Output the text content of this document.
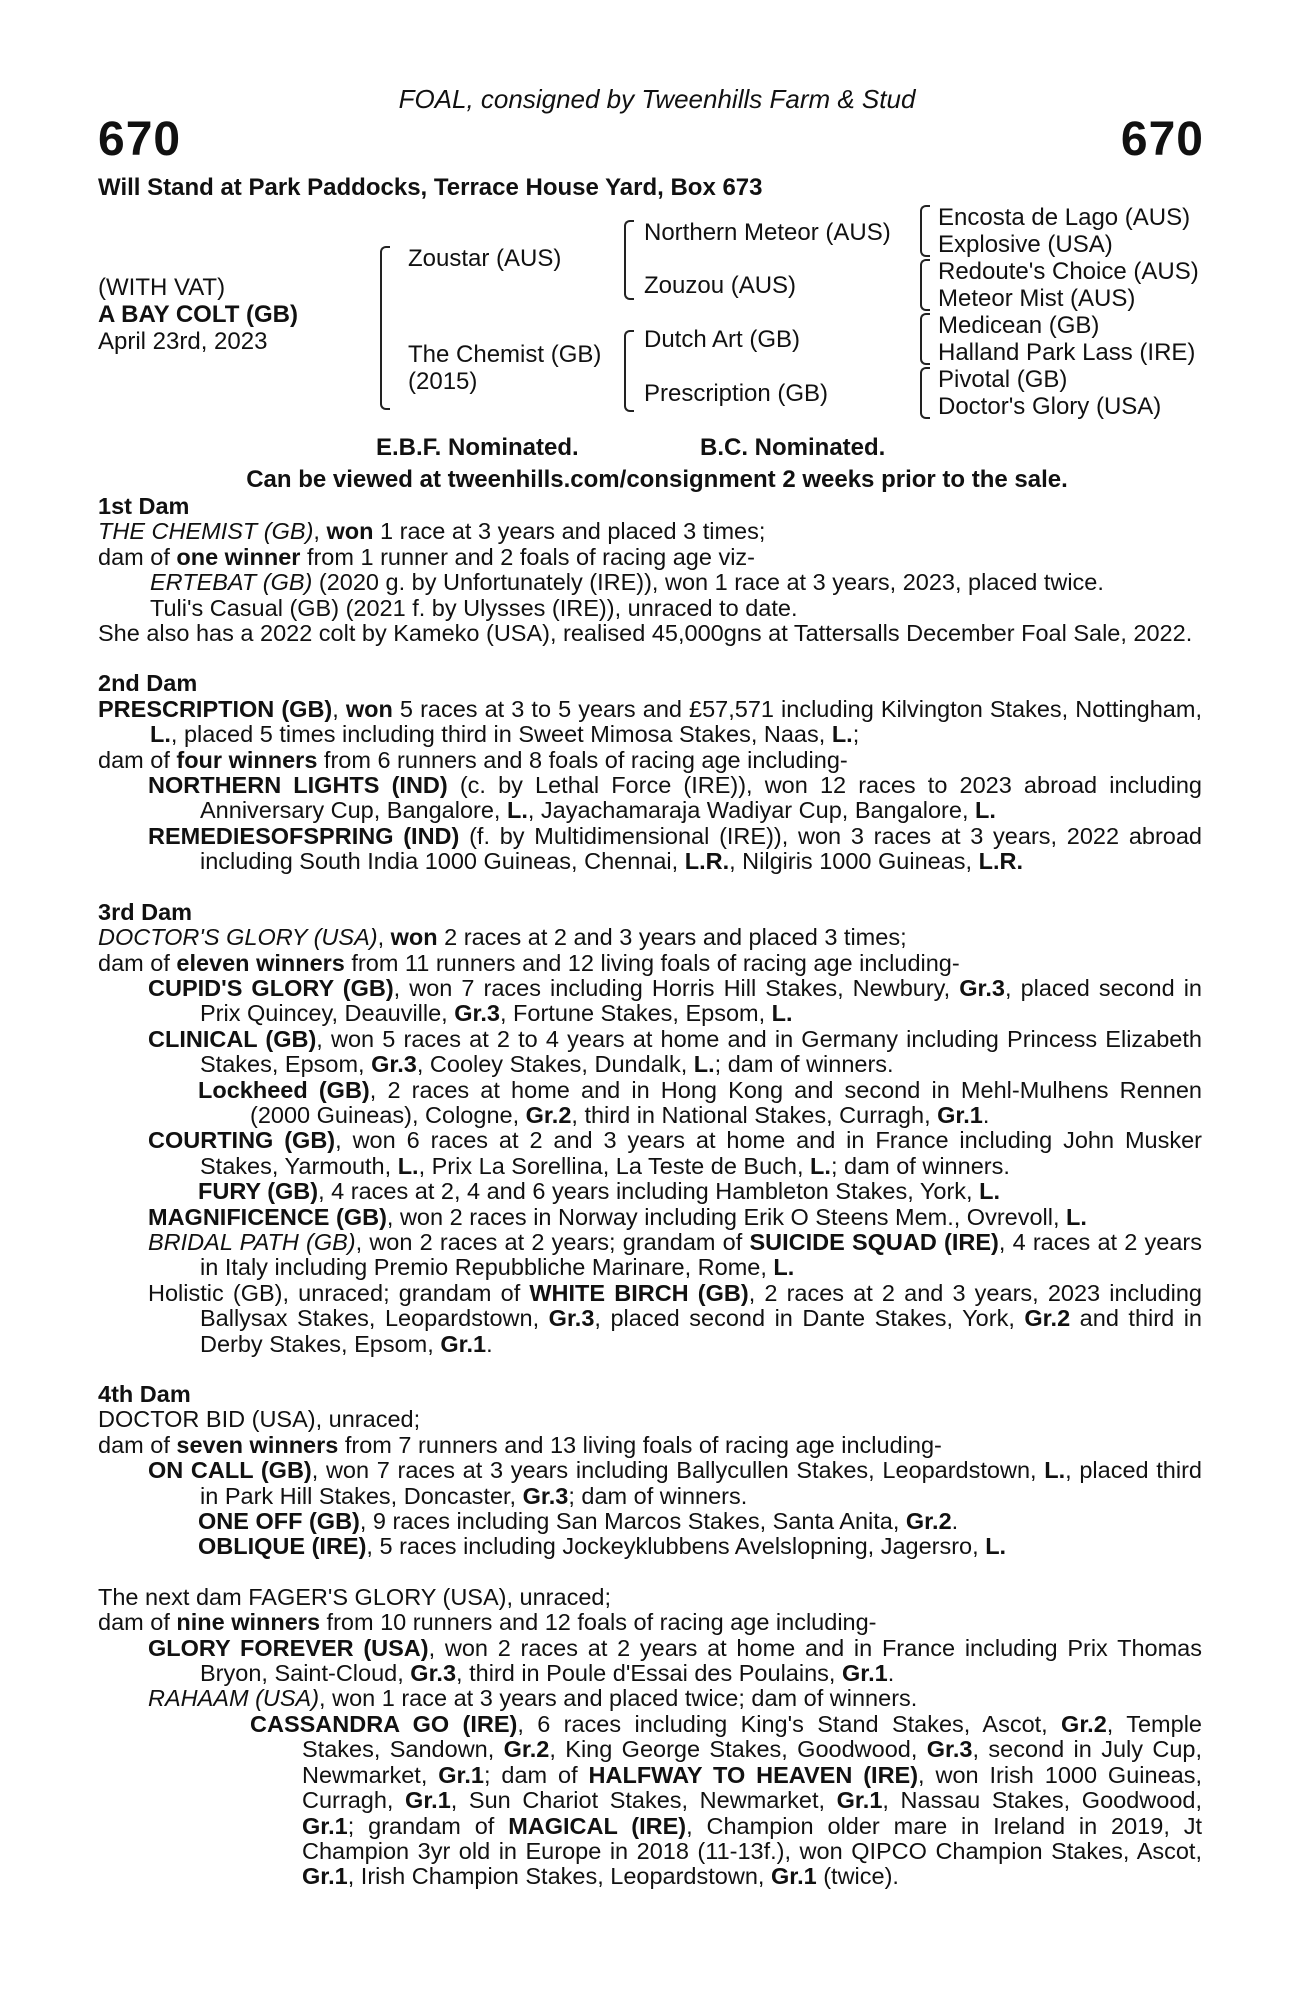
FOAL, consigned by Tweenhills Farm & Stud
670	670
Will Stand at Park Paddocks, Terrace House Yard, Box 673
(WITH VAT)
A BAY COLT (GB)
April 23rd, 2023
Zoustar (AUS)
The Chemist (GB)
(2015)
Northern Meteor (AUS)
Zouzou (AUS)
Dutch Art (GB)
Prescription (GB)
Encosta de Lago (AUS)
Explosive (USA)
Redoute's Choice (AUS)
Meteor Mist (AUS)
Medicean (GB)
Halland Park Lass (IRE)
Pivotal (GB)
Doctor's Glory (USA)
E.B.F. Nominated.	B.C. Nominated.
Can be viewed at tweenhills.com/consignment 2 weeks prior to the sale.

1st Dam

THE CHEMIST (GB), won 1 race at 3 years and placed 3 times;

dam of one winner from 1 runner and 2 foals of racing age viz-

ERTEBAT (GB) (2020 g. by Unfortunately (IRE)), won 1 race at 3 years, 2023, placed twice.

Tuli's Casual (GB) (2021 f. by Ulysses (IRE)), unraced to date.

She also has a 2022 colt by Kameko (USA), realised 45,000gns at Tattersalls December Foal Sale, 2022.

2nd Dam

PRESCRIPTION (GB), won 5 races at 3 to 5 years and £57,571 including Kilvington Stakes, Nottingham, L., placed 5 times including third in Sweet Mimosa Stakes, Naas, L.;

dam of four winners from 6 runners and 8 foals of racing age including-

NORTHERN LIGHTS (IND) (c. by Lethal Force (IRE)), won 12 races to 2023 abroad including Anniversary Cup, Bangalore, L., Jayachamaraja Wadiyar Cup, Bangalore, L.

REMEDIESOFSPRING (IND) (f. by Multidimensional (IRE)), won 3 races at 3 years, 2022 abroad including South India 1000 Guineas, Chennai, L.R., Nilgiris 1000 Guineas, L.R.

3rd Dam

DOCTOR'S GLORY (USA), won 2 races at 2 and 3 years and placed 3 times;

dam of eleven winners from 11 runners and 12 living foals of racing age including-

CUPID'S GLORY (GB), won 7 races including Horris Hill Stakes, Newbury, Gr.3, placed second in Prix Quincey, Deauville, Gr.3, Fortune Stakes, Epsom, L.

CLINICAL (GB), won 5 races at 2 to 4 years at home and in Germany including Princess Elizabeth Stakes, Epsom, Gr.3, Cooley Stakes, Dundalk, L.; dam of winners.

Lockheed (GB), 2 races at home and in Hong Kong and second in Mehl-Mulhens Rennen (2000 Guineas), Cologne, Gr.2, third in National Stakes, Curragh, Gr.1.

COURTING (GB), won 6 races at 2 and 3 years at home and in France including John Musker Stakes, Yarmouth, L., Prix La Sorellina, La Teste de Buch, L.; dam of winners.

FURY (GB), 4 races at 2, 4 and 6 years including Hambleton Stakes, York, L.

MAGNIFICENCE (GB), won 2 races in Norway including Erik O Steens Mem., Ovrevoll, L.

BRIDAL PATH (GB), won 2 races at 2 years; grandam of SUICIDE SQUAD (IRE), 4 races at 2 years in Italy including Premio Repubbliche Marinare, Rome, L.

Holistic (GB), unraced; grandam of WHITE BIRCH (GB), 2 races at 2 and 3 years, 2023 including Ballysax Stakes, Leopardstown, Gr.3, placed second in Dante Stakes, York, Gr.2 and third in Derby Stakes, Epsom, Gr.1.

4th Dam

DOCTOR BID (USA), unraced;

dam of seven winners from 7 runners and 13 living foals of racing age including-

ON CALL (GB), won 7 races at 3 years including Ballycullen Stakes, Leopardstown, L., placed third in Park Hill Stakes, Doncaster, Gr.3; dam of winners.

ONE OFF (GB), 9 races including San Marcos Stakes, Santa Anita, Gr.2.

OBLIQUE (IRE), 5 races including Jockeyklubbens Avelslopning, Jagersro, L.

The next dam FAGER'S GLORY (USA), unraced;

dam of nine winners from 10 runners and 12 foals of racing age including-

GLORY FOREVER (USA), won 2 races at 2 years at home and in France including Prix Thomas Bryon, Saint-Cloud, Gr.3, third in Poule d'Essai des Poulains, Gr.1.

RAHAAM (USA), won 1 race at 3 years and placed twice; dam of winners.

CASSANDRA GO (IRE), 6 races including King's Stand Stakes, Ascot, Gr.2, Temple Stakes, Sandown, Gr.2, King George Stakes, Goodwood, Gr.3, second in July Cup, Newmarket, Gr.1; dam of HALFWAY TO HEAVEN (IRE), won Irish 1000 Guineas, Curragh, Gr.1, Sun Chariot Stakes, Newmarket, Gr.1, Nassau Stakes, Goodwood, Gr.1; grandam of MAGICAL (IRE), Champion older mare in Ireland in 2019, Jt Champion 3yr old in Europe in 2018 (11-13f.), won QIPCO Champion Stakes, Ascot, Gr.1, Irish Champion Stakes, Leopardstown, Gr.1 (twice).
